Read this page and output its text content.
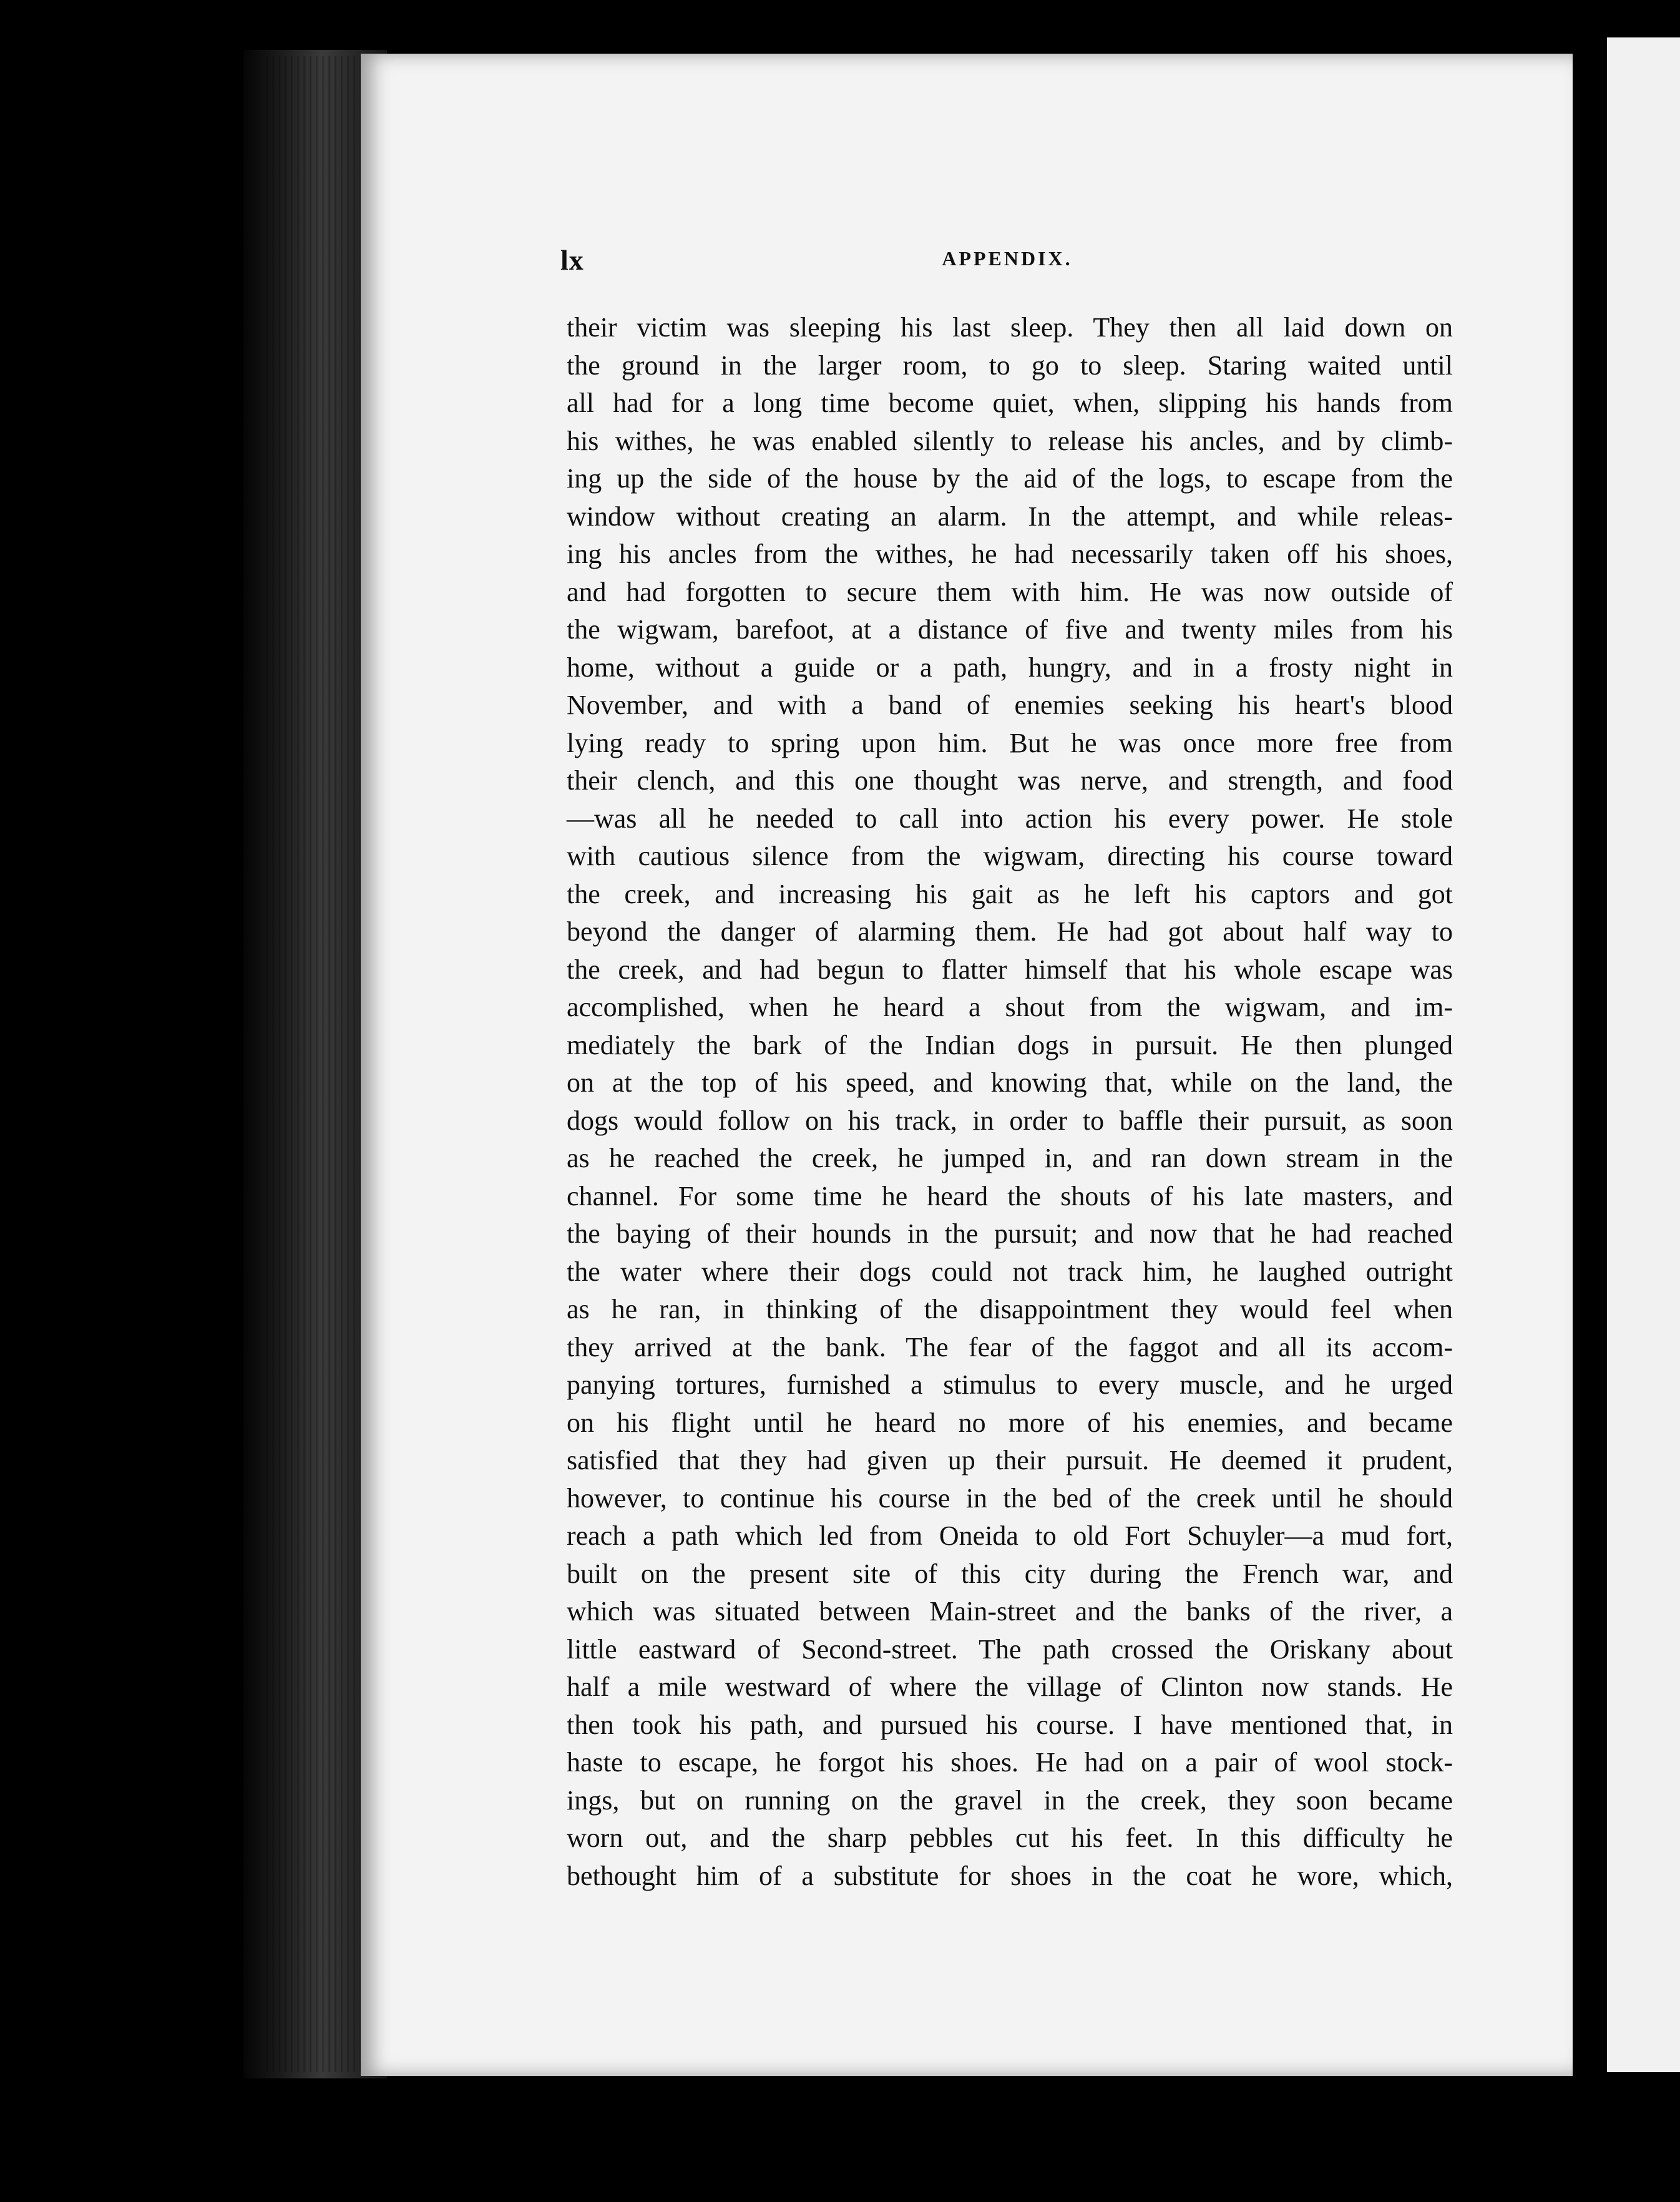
lx	APPENDIX.
their victim was sleeping his last sleep. They then all laid down on
the ground in the larger room, to go to sleep. Staring waited until
all had for a long time become quiet, when, slipping his hands from
his withes, he was enabled silently to release his ancles, and by climb-
ing up the side of the house by the aid of the logs, to escape from the
window without creating an alarm. In the attempt, and while releas-
ing his ancles from the withes, he had necessarily taken off his shoes,
and had forgotten to secure them with him. He was now outside of
the wigwam, barefoot, at a distance of five and twenty miles from his
home, without a guide or a path, hungry, and in a frosty night in
November, and with a band of enemies seeking his heart's blood
lying ready to spring upon him. But he was once more free from
their clench, and this one thought was nerve, and strength, and food
—was all he needed to call into action his every power. He stole
with cautious silence from the wigwam, directing his course toward
the creek, and increasing his gait as he left his captors and got
beyond the danger of alarming them. He had got about half way to
the creek, and had begun to flatter himself that his whole escape was
accomplished, when he heard a shout from the wigwam, and im-
mediately the bark of the Indian dogs in pursuit. He then plunged
on at the top of his speed, and knowing that, while on the land, the
dogs would follow on his track, in order to baffle their pursuit, as soon
as he reached the creek, he jumped in, and ran down stream in the
channel. For some time he heard the shouts of his late masters, and
the baying of their hounds in the pursuit; and now that he had reached
the water where their dogs could not track him, he laughed outright
as he ran, in thinking of the disappointment they would feel when
they arrived at the bank. The fear of the faggot and all its accom-
panying tortures, furnished a stimulus to every muscle, and he urged
on his flight until he heard no more of his enemies, and became
satisfied that they had given up their pursuit. He deemed it prudent,
however, to continue his course in the bed of the creek until he should
reach a path which led from Oneida to old Fort Schuyler—a mud fort,
built on the present site of this city during the French war, and
which was situated between Main-street and the banks of the river, a
little eastward of Second-street. The path crossed the Oriskany about
half a mile westward of where the village of Clinton now stands. He
then took his path, and pursued his course. I have mentioned that, in
haste to escape, he forgot his shoes. He had on a pair of wool stock-
ings, but on running on the gravel in the creek, they soon became
worn out, and the sharp pebbles cut his feet. In this difficulty he
bethought him of a substitute for shoes in the coat he wore, which,
